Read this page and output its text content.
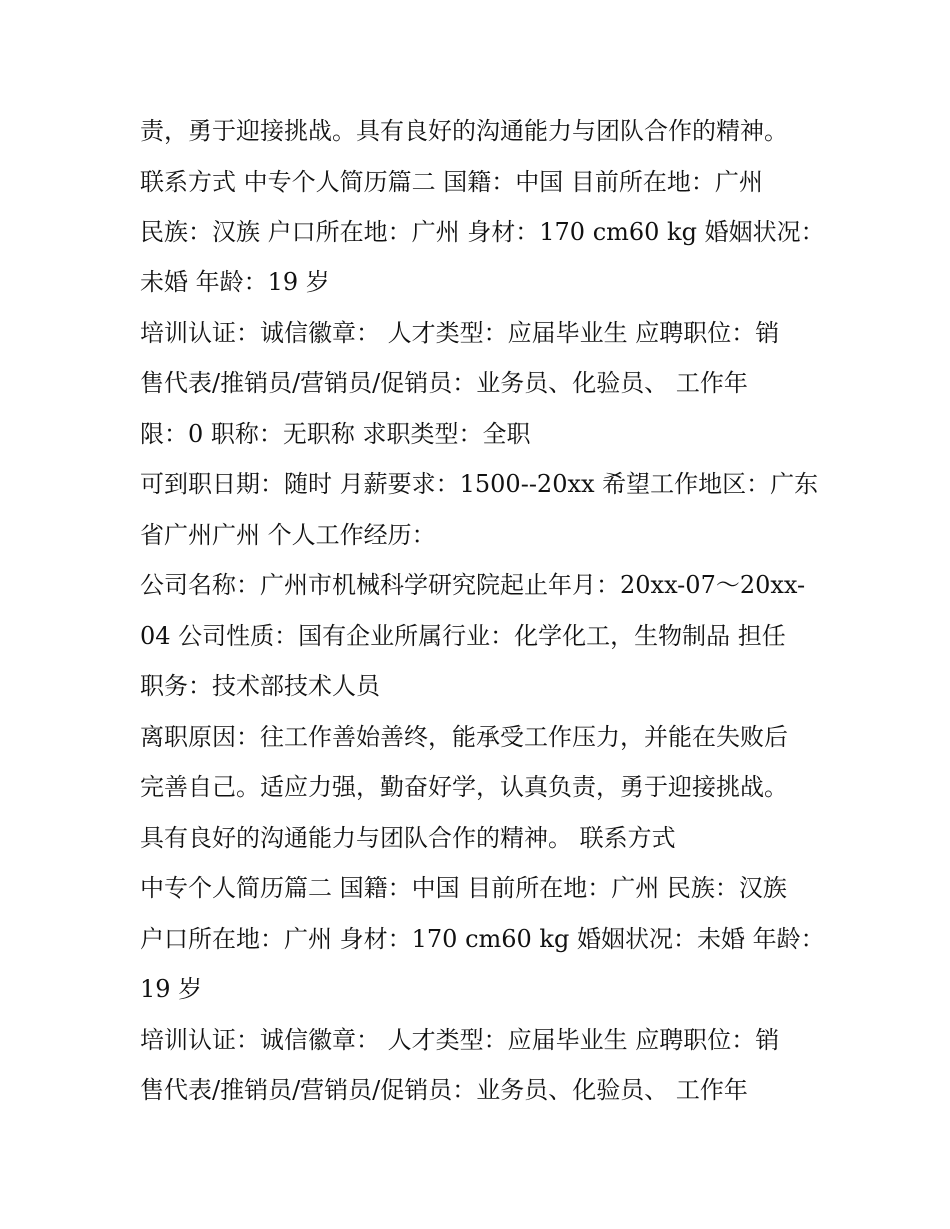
责，勇于迎接挑战。具有良好的沟通能力与团队合作的精神。

联系方式 中专个人简历篇二 国籍：中国 目前所在地：广州

民族：汉族 户口所在地：广州 身材：170 cm60 kg 婚姻状况：

未婚 年龄：19 岁

培训认证：诚信徽章： 人才类型：应届毕业生 应聘职位：销

售代表/推销员/营销员/促销员：业务员、化验员、 工作年

限：0 职称：无职称 求职类型：全职

可到职日期：随时 月薪要求：1500--20xx 希望工作地区：广东

省广州广州 个人工作经历：

公司名称：广州市机械科学研究院起止年月：20xx-07～20xx-

04 公司性质：国有企业所属行业：化学化工，生物制品 担任

职务：技术部技术人员

离职原因：往工作善始善终，能承受工作压力，并能在失败后

完善自己。适应力强，勤奋好学，认真负责，勇于迎接挑战。

具有良好的沟通能力与团队合作的精神。 联系方式

中专个人简历篇二 国籍：中国 目前所在地：广州 民族：汉族

户口所在地：广州 身材：170 cm60 kg 婚姻状况：未婚 年龄：

19 岁

培训认证：诚信徽章： 人才类型：应届毕业生 应聘职位：销

售代表/推销员/营销员/促销员：业务员、化验员、 工作年
